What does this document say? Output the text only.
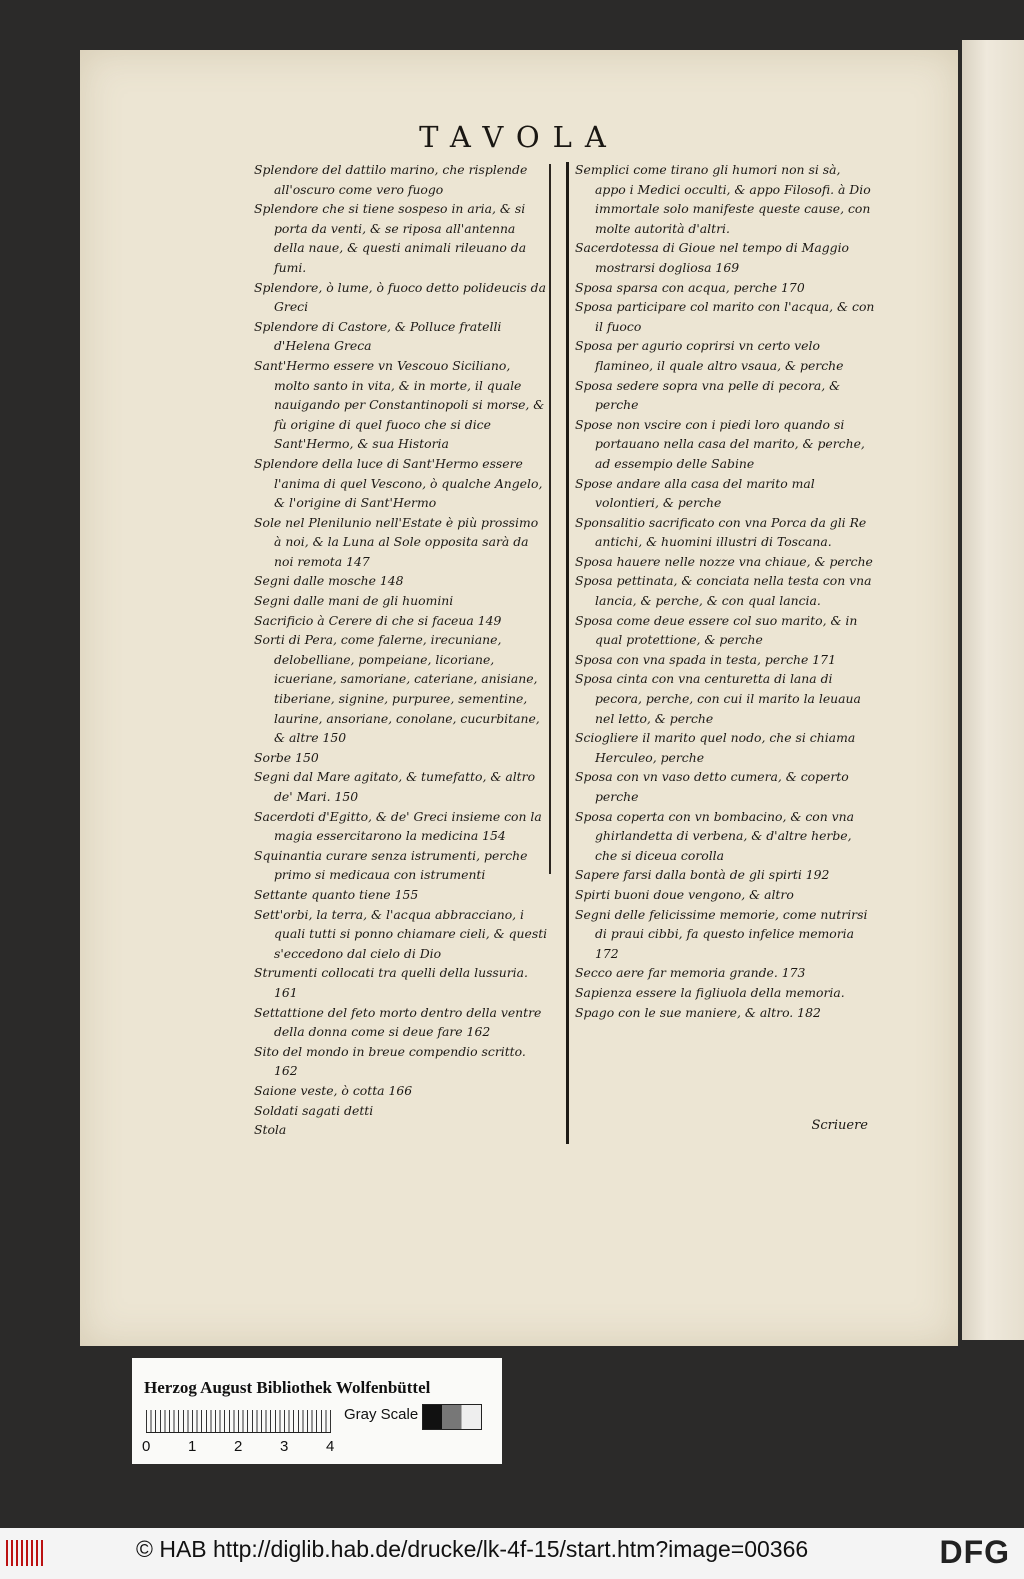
TAVOLA

Splendore del dattilo marino, che risplende all'oscuro come vero fuogo

Splendore che si tiene sospeso in aria, & si porta da venti, & se riposa all'antenna della naue, & questi animali rileuano da fumi.

Splendore, ò lume, ò fuoco detto polideucis da Greci

Splendore di Castore, & Polluce fratelli d'Helena Greca

Sant'Hermo essere vn Vescouo Siciliano, molto santo in vita, & in morte, il quale nauigando per Constantinopoli si morse, & fù origine di quel fuoco che si dice Sant'Hermo, & sua Historia

Splendore della luce di Sant'Hermo essere l'anima di quel Vescono, ò qualche Angelo, & l'origine di Sant'Hermo

Sole nel Plenilunio nell'Estate è più prossimo à noi, & la Luna al Sole opposita sarà da noi remota 147

Segni dalle mosche 148

Segni dalle mani de gli huomini

Sacrificio à Cerere di che si faceua 149

Sorti di Pera, come falerne, irecuniane, delobelliane, pompeiane, licoriane, icueriane, samoriane, cateriane, anisiane, tiberiane, signine, purpuree, sementine, laurine, ansoriane, conolane, cucurbitane, & altre 150

Sorbe 150

Segni dal Mare agitato, & tumefatto, & altro de' Mari. 150

Sacerdoti d'Egitto, & de' Greci insieme con la magia essercitarono la medicina 154

Squinantia curare senza istrumenti, perche primo si medicaua con istrumenti

Settante quanto tiene 155

Sett'orbi, la terra, & l'acqua abbracciano, i quali tutti si ponno chiamare cieli, & questi s'eccedono dal cielo di Dio

Strumenti collocati tra quelli della lussuria. 161

Settattione del feto morto dentro della ventre della donna come si deue fare 162

Sito del mondo in breue compendio scritto. 162

Saione veste, ò cotta 166

Soldati sagati detti

Stola

Semplici come tirano gli humori non si sà, appo i Medici occulti, & appo Filosofi. à Dio immortale solo manifeste queste cause, con molte autorità d'altri.

Sacerdotessa di Gioue nel tempo di Maggio mostrarsi dogliosa 169

Sposa sparsa con acqua, perche 170

Sposa participare col marito con l'acqua, & con il fuoco

Sposa per agurio coprirsi vn certo velo flamineo, il quale altro vsaua, & perche

Sposa sedere sopra vna pelle di pecora, & perche

Spose non vscire con i piedi loro quando si portauano nella casa del marito, & perche, ad essempio delle Sabine

Spose andare alla casa del marito mal volontieri, & perche

Sponsalitio sacrificato con vna Porca da gli Re antichi, & huomini illustri di Toscana.

Sposa hauere nelle nozze vna chiaue, & perche

Sposa pettinata, & conciata nella testa con vna lancia, & perche, & con qual lancia.

Sposa come deue essere col suo marito, & in qual protettione, & perche

Sposa con vna spada in testa, perche 171

Sposa cinta con vna centuretta di lana di pecora, perche, con cui il marito la leuaua nel letto, & perche

Sciogliere il marito quel nodo, che si chiama Herculeo, perche

Sposa con vn vaso detto cumera, & coperto perche

Sposa coperta con vn bombacino, & con vna ghirlandetta di verbena, & d'altre herbe, che si diceua corolla

Sapere farsi dalla bontà de gli spirti 192

Spirti buoni doue vengono, & altro

Segni delle felicissime memorie, come nutrirsi di praui cibbi, fa questo infelice memoria 172

Secco aere far memoria grande. 173

Sapienza essere la figliuola della memoria.

Spago con le sue maniere, & altro. 182

Scriuere
Herzog August Bibliothek Wolfenbüttel
Gray Scale
0	1	2	3	4
© HAB http://diglib.hab.de/drucke/lk-4f-15/start.htm?image=00366	DFG
